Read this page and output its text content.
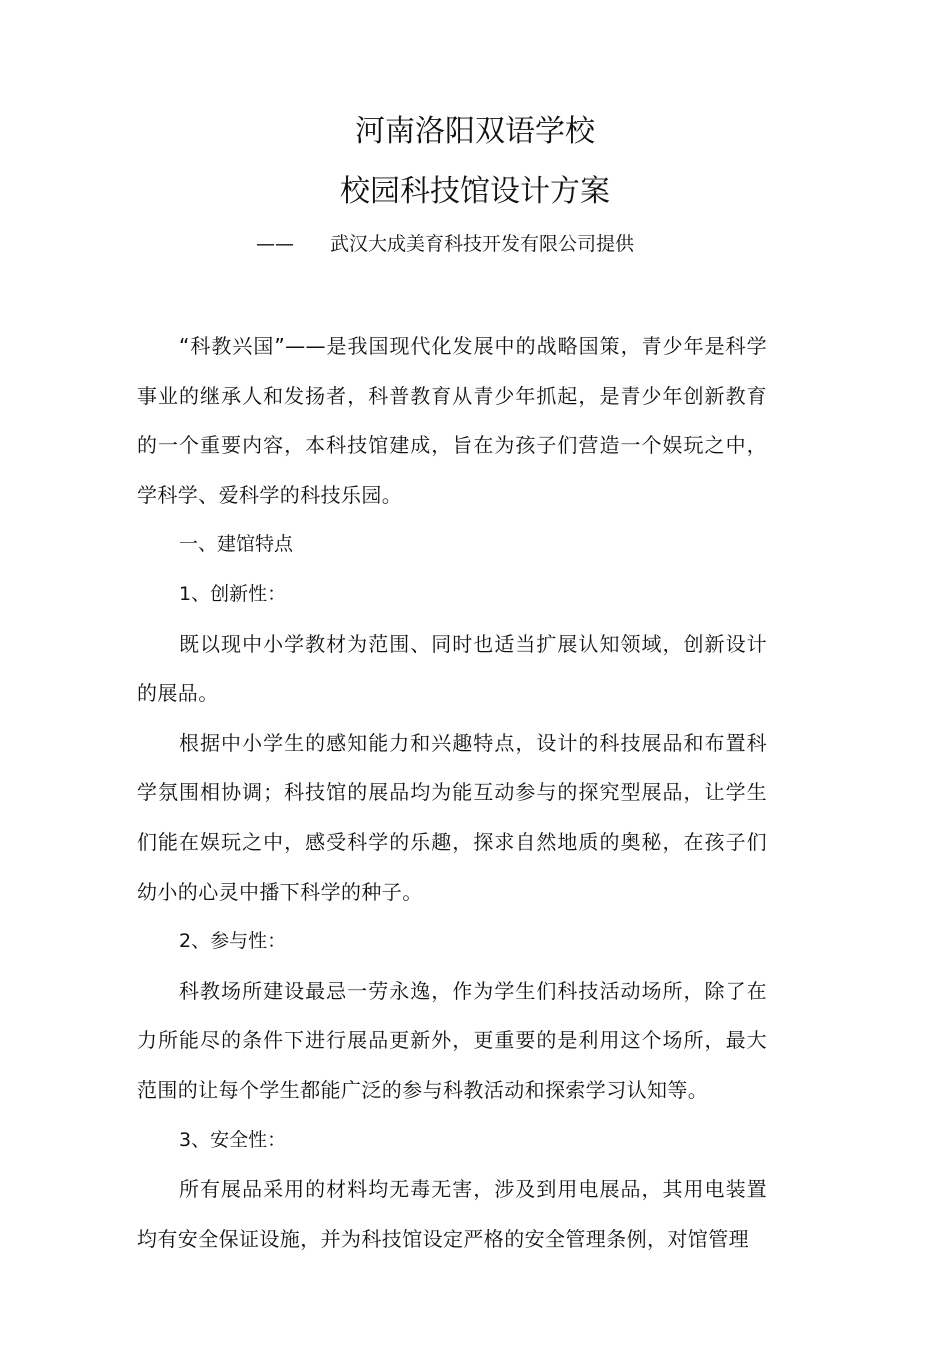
河南洛阳双语学校
校园科技馆设计方案
—— 武汉大成美育科技开发有限公司提供

“科教兴国”——是我国现代化发展中的战略国策，青少年是科学事业的继承人和发扬者，科普教育从青少年抓起，是青少年创新教育的一个重要内容，本科技馆建成，旨在为孩子们营造一个娱玩之中，学科学、爱科学的科技乐园。

一、建馆特点

1、创新性：

既以现中小学教材为范围、同时也适当扩展认知领域，创新设计的展品。

根据中小学生的感知能力和兴趣特点，设计的科技展品和布置科学氛围相协调；科技馆的展品均为能互动参与的探究型展品，让学生们能在娱玩之中，感受科学的乐趣，探求自然地质的奥秘，在孩子们幼小的心灵中播下科学的种子。

2、参与性：

科教场所建设最忌一劳永逸，作为学生们科技活动场所，除了在力所能尽的条件下进行展品更新外，更重要的是利用这个场所，最大范围的让每个学生都能广泛的参与科教活动和探索学习认知等。

3、安全性：

所有展品采用的材料均无毒无害，涉及到用电展品，其用电装置均有安全保证设施，并为科技馆设定严格的安全管理条例，对馆管理
